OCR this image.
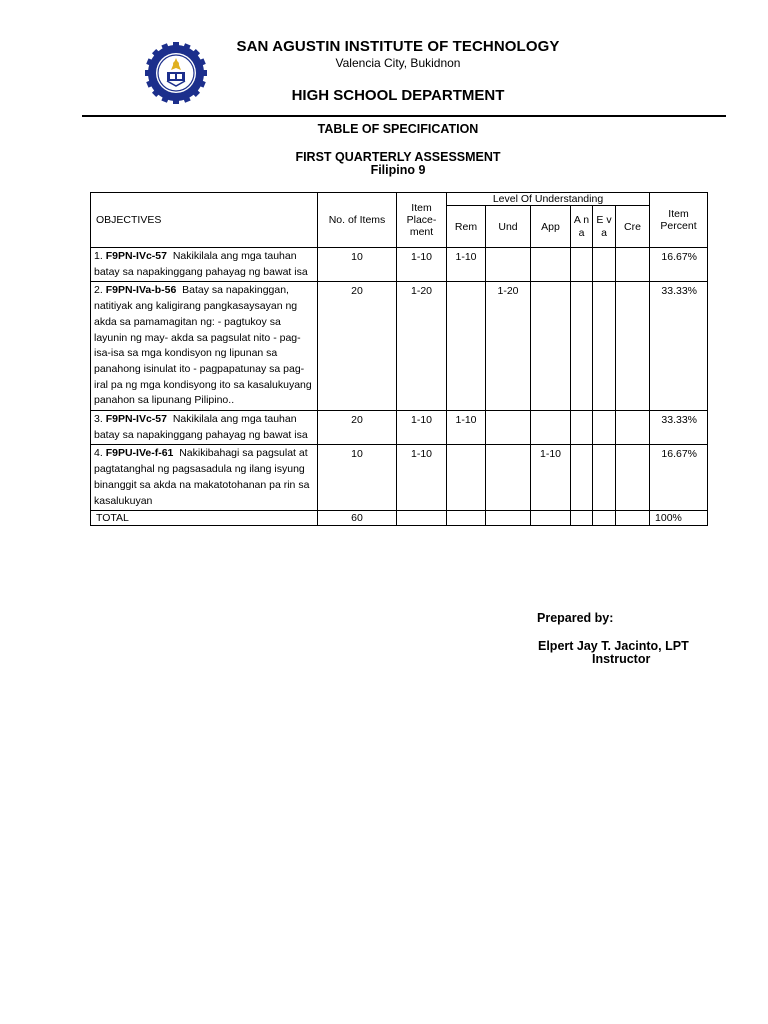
SAN AGUSTIN INSTITUTE OF TECHNOLOGY
Valencia City, Bukidnon
HIGH SCHOOL DEPARTMENT
TABLE OF SPECIFICATION
FIRST QUARTERLY ASSESSMENT
Filipino 9
OBJECTIVES	No. of Items	Item Place-ment	Level Of Understanding						Item Percent
			Rem	Und	App	A n a	E v a	Cre	
1. F9PN-IVc-57 Nakikilala ang mga tauhan batay sa napakinggang pahayag ng bawat isa	10	1-10	1-10						16.67%
2. F9PN-IVa-b-56 Batay sa napakinggan, natitiyak ang kaligirang pangkasaysayan ng akda sa pamamagitan ng: - pagtukoy sa layunin ng may- akda sa pagsulat nito - pag-isa-isa sa mga kondisyon ng lipunan sa panahong isinulat ito - pagpapatunay sa pag-iral pa ng mga kondisyong ito sa kasalukuyang panahon sa lipunang Pilipino..	20	1-20		1-20					33.33%
3. F9PN-IVc-57 Nakikilala ang mga tauhan batay sa napakinggang pahayag ng bawat isa	20	1-10	1-10						33.33%
4. F9PU-IVe-f-61 Nakikibahagi sa pagsulat at pagtatanghal ng pagsasadula ng ilang isyung binanggit sa akda na makatotohanan pa rin sa kasalukuyan	10	1-10			1-10				16.67%
TOTAL	60								100%
Prepared by:
Elpert Jay T. Jacinto, LPT
Instructor
